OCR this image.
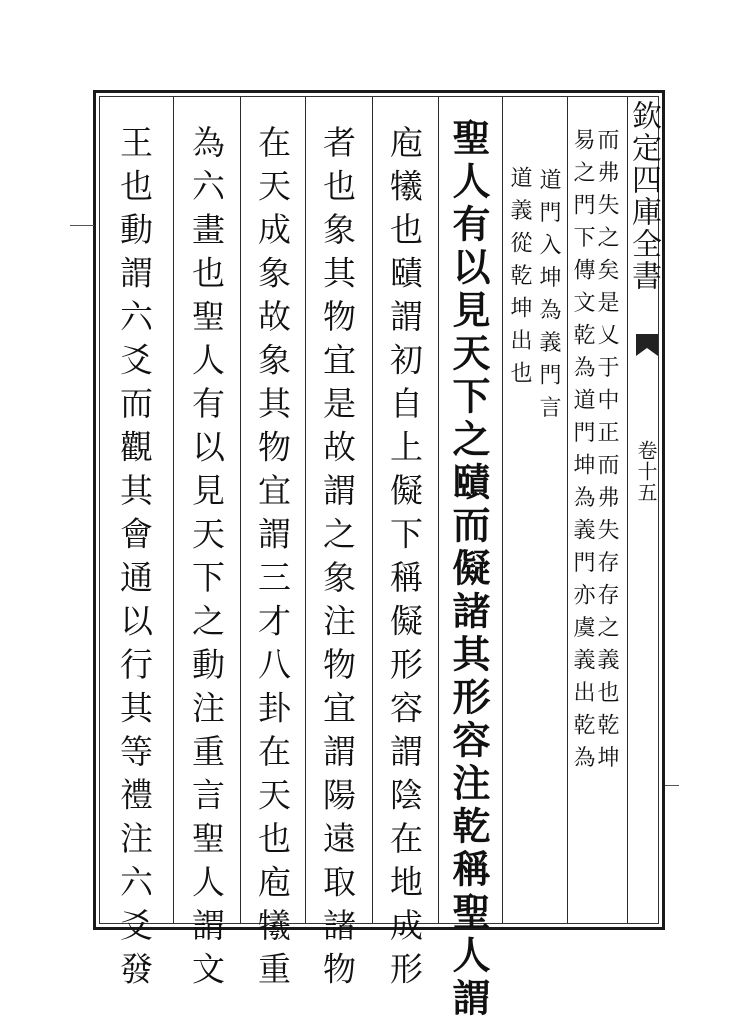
欽定四庫全書
卷十五
而弗失之矣是乂于中正而弗失存存之義也乾坤
易之門下傳文乾為道門坤為義門亦虞義出乾為
道門入坤為義門言
道義從乾坤出也
聖人有以見天下之賾而儗諸其形容注乾稱聖人謂
庖犧也賾謂初自上儗下稱儗形容謂陰在地成形
者也象其物宜是故謂之象注物宜謂陽遠取諸物
在天成象故象其物宜謂三才八卦在天也庖犧重
為六畫也聖人有以見天下之動注重言聖人謂文
王也動謂六爻而觀其會通以行其等禮注六爻發
